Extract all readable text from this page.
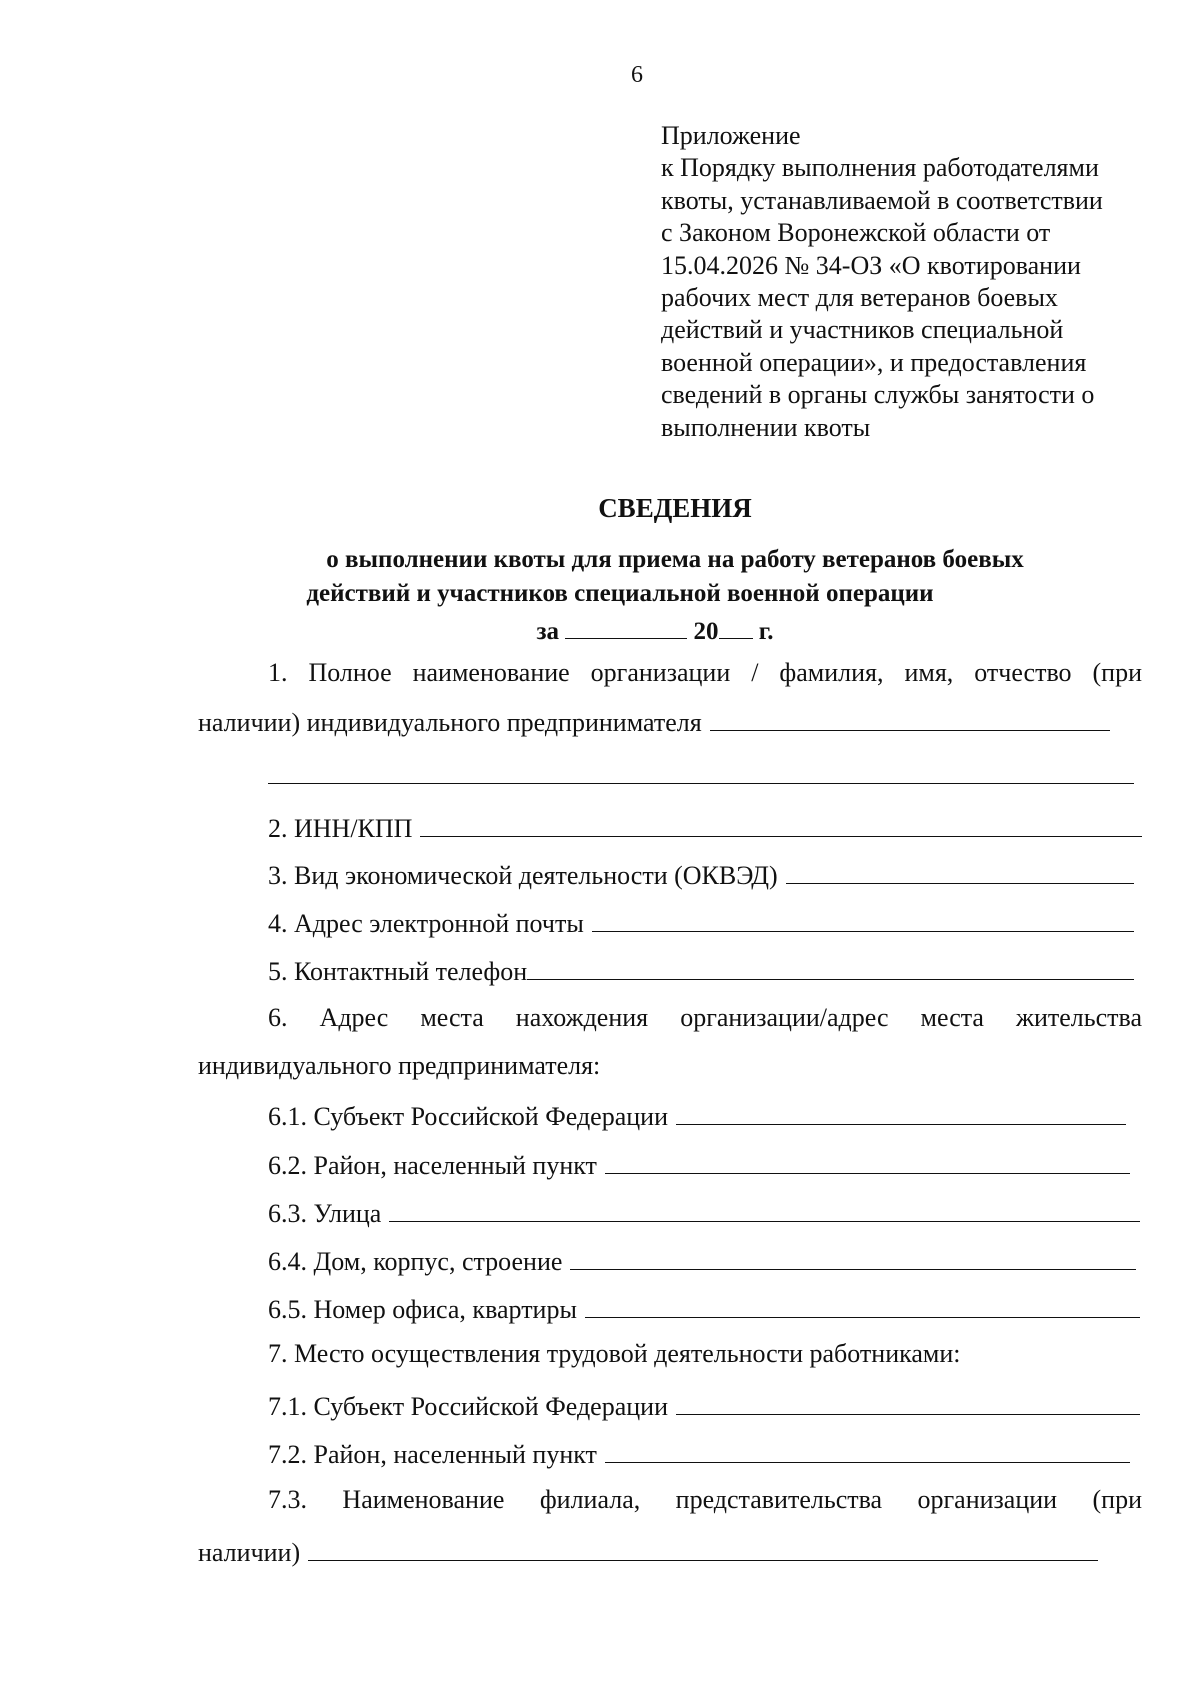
6
Приложение
к Порядку выполнения работодателями
квоты, устанавливаемой в соответствии
с Законом Воронежской области от
15.04.2026 № 34-ОЗ «О квотировании
рабочих мест для ветеранов боевых
действий и участников специальной
военной операции», и предоставления
сведений в органы службы занятости о
выполнении квоты
СВЕДЕНИЯ
о выполнении квоты для приема на работу ветеранов боевых
действий и участников специальной военной операции
за	20 г.
1. Полное наименование организации / фамилия, имя, отчество (при
наличии) индивидуального предпринимателя
2. ИНН/КПП
3. Вид экономической деятельности (ОКВЭД)
4. Адрес электронной почты
5. Контактный телефон
6. Адрес места нахождения организации/адрес места жительства
индивидуального предпринимателя:
6.1. Субъект Российской Федерации
6.2. Район, населенный пункт
6.3. Улица
6.4. Дом, корпус, строение
6.5. Номер офиса, квартиры
7. Место осуществления трудовой деятельности работниками:
7.1. Субъект Российской Федерации
7.2. Район, населенный пункт
7.3. Наименование филиала, представительства организации (при
наличии)
